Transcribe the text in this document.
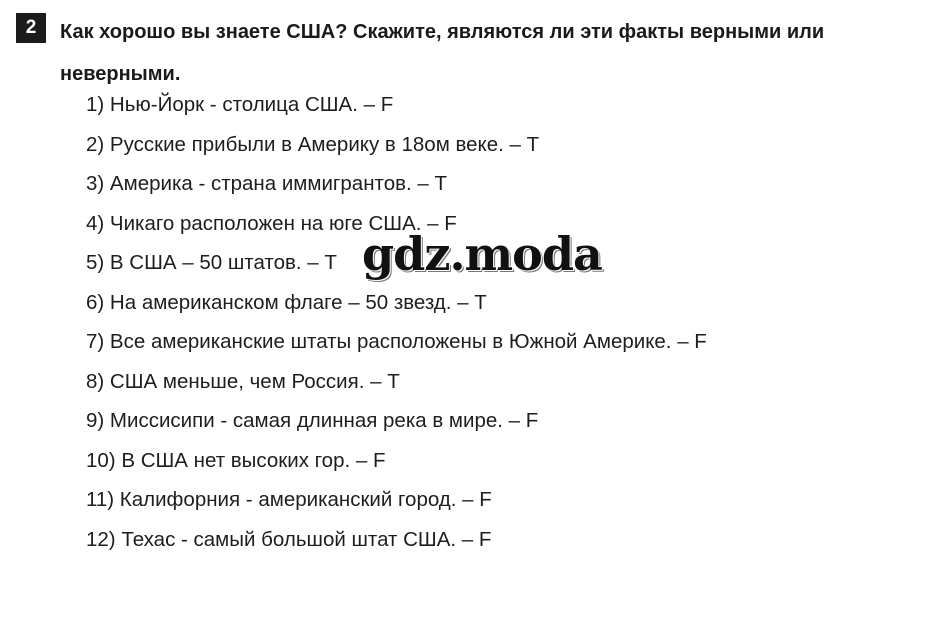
2	Как хорошо вы знаете США? Скажите, являются ли эти факты верными или неверными.
1) Нью-Йорк - столица США. – F
2) Русские прибыли в Америку в 18ом веке. – T
3) Америка - страна иммигрантов. – T
4) Чикаго расположен на юге США. – F
5) В США – 50 штатов. – T
6) На американском флаге – 50 звезд. – T
7) Все американские штаты расположены в Южной Америке. – F
8) США меньше, чем Россия. – T
9) Миссисипи - самая длинная река в мире. – F
10) В США нет высоких гор. – F
11) Калифорния - американский город. – F
12) Техас - самый большой штат США. – F
gdz.moda
